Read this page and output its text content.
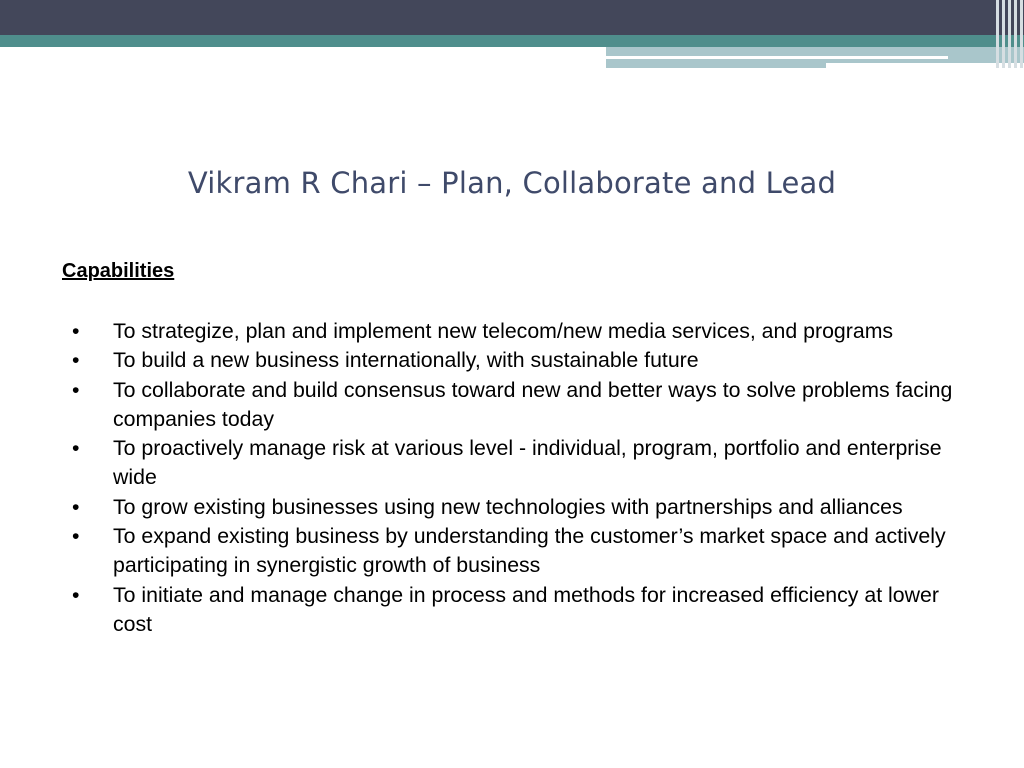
Vikram R Chari – Plan, Collaborate and Lead
Capabilities
• To strategize, plan and implement new telecom/new media services, and programs
• To build a new business internationally, with sustainable future
• To collaborate and build consensus toward new and better ways to solve problems facing companies today
• To proactively manage risk at various level - individual, program, portfolio and enterprise wide
• To grow existing businesses using new technologies with partnerships and alliances
• To expand existing business by understanding the customer’s market space and actively participating in synergistic growth of business
• To initiate and manage change in process and methods for increased efficiency at lower cost
